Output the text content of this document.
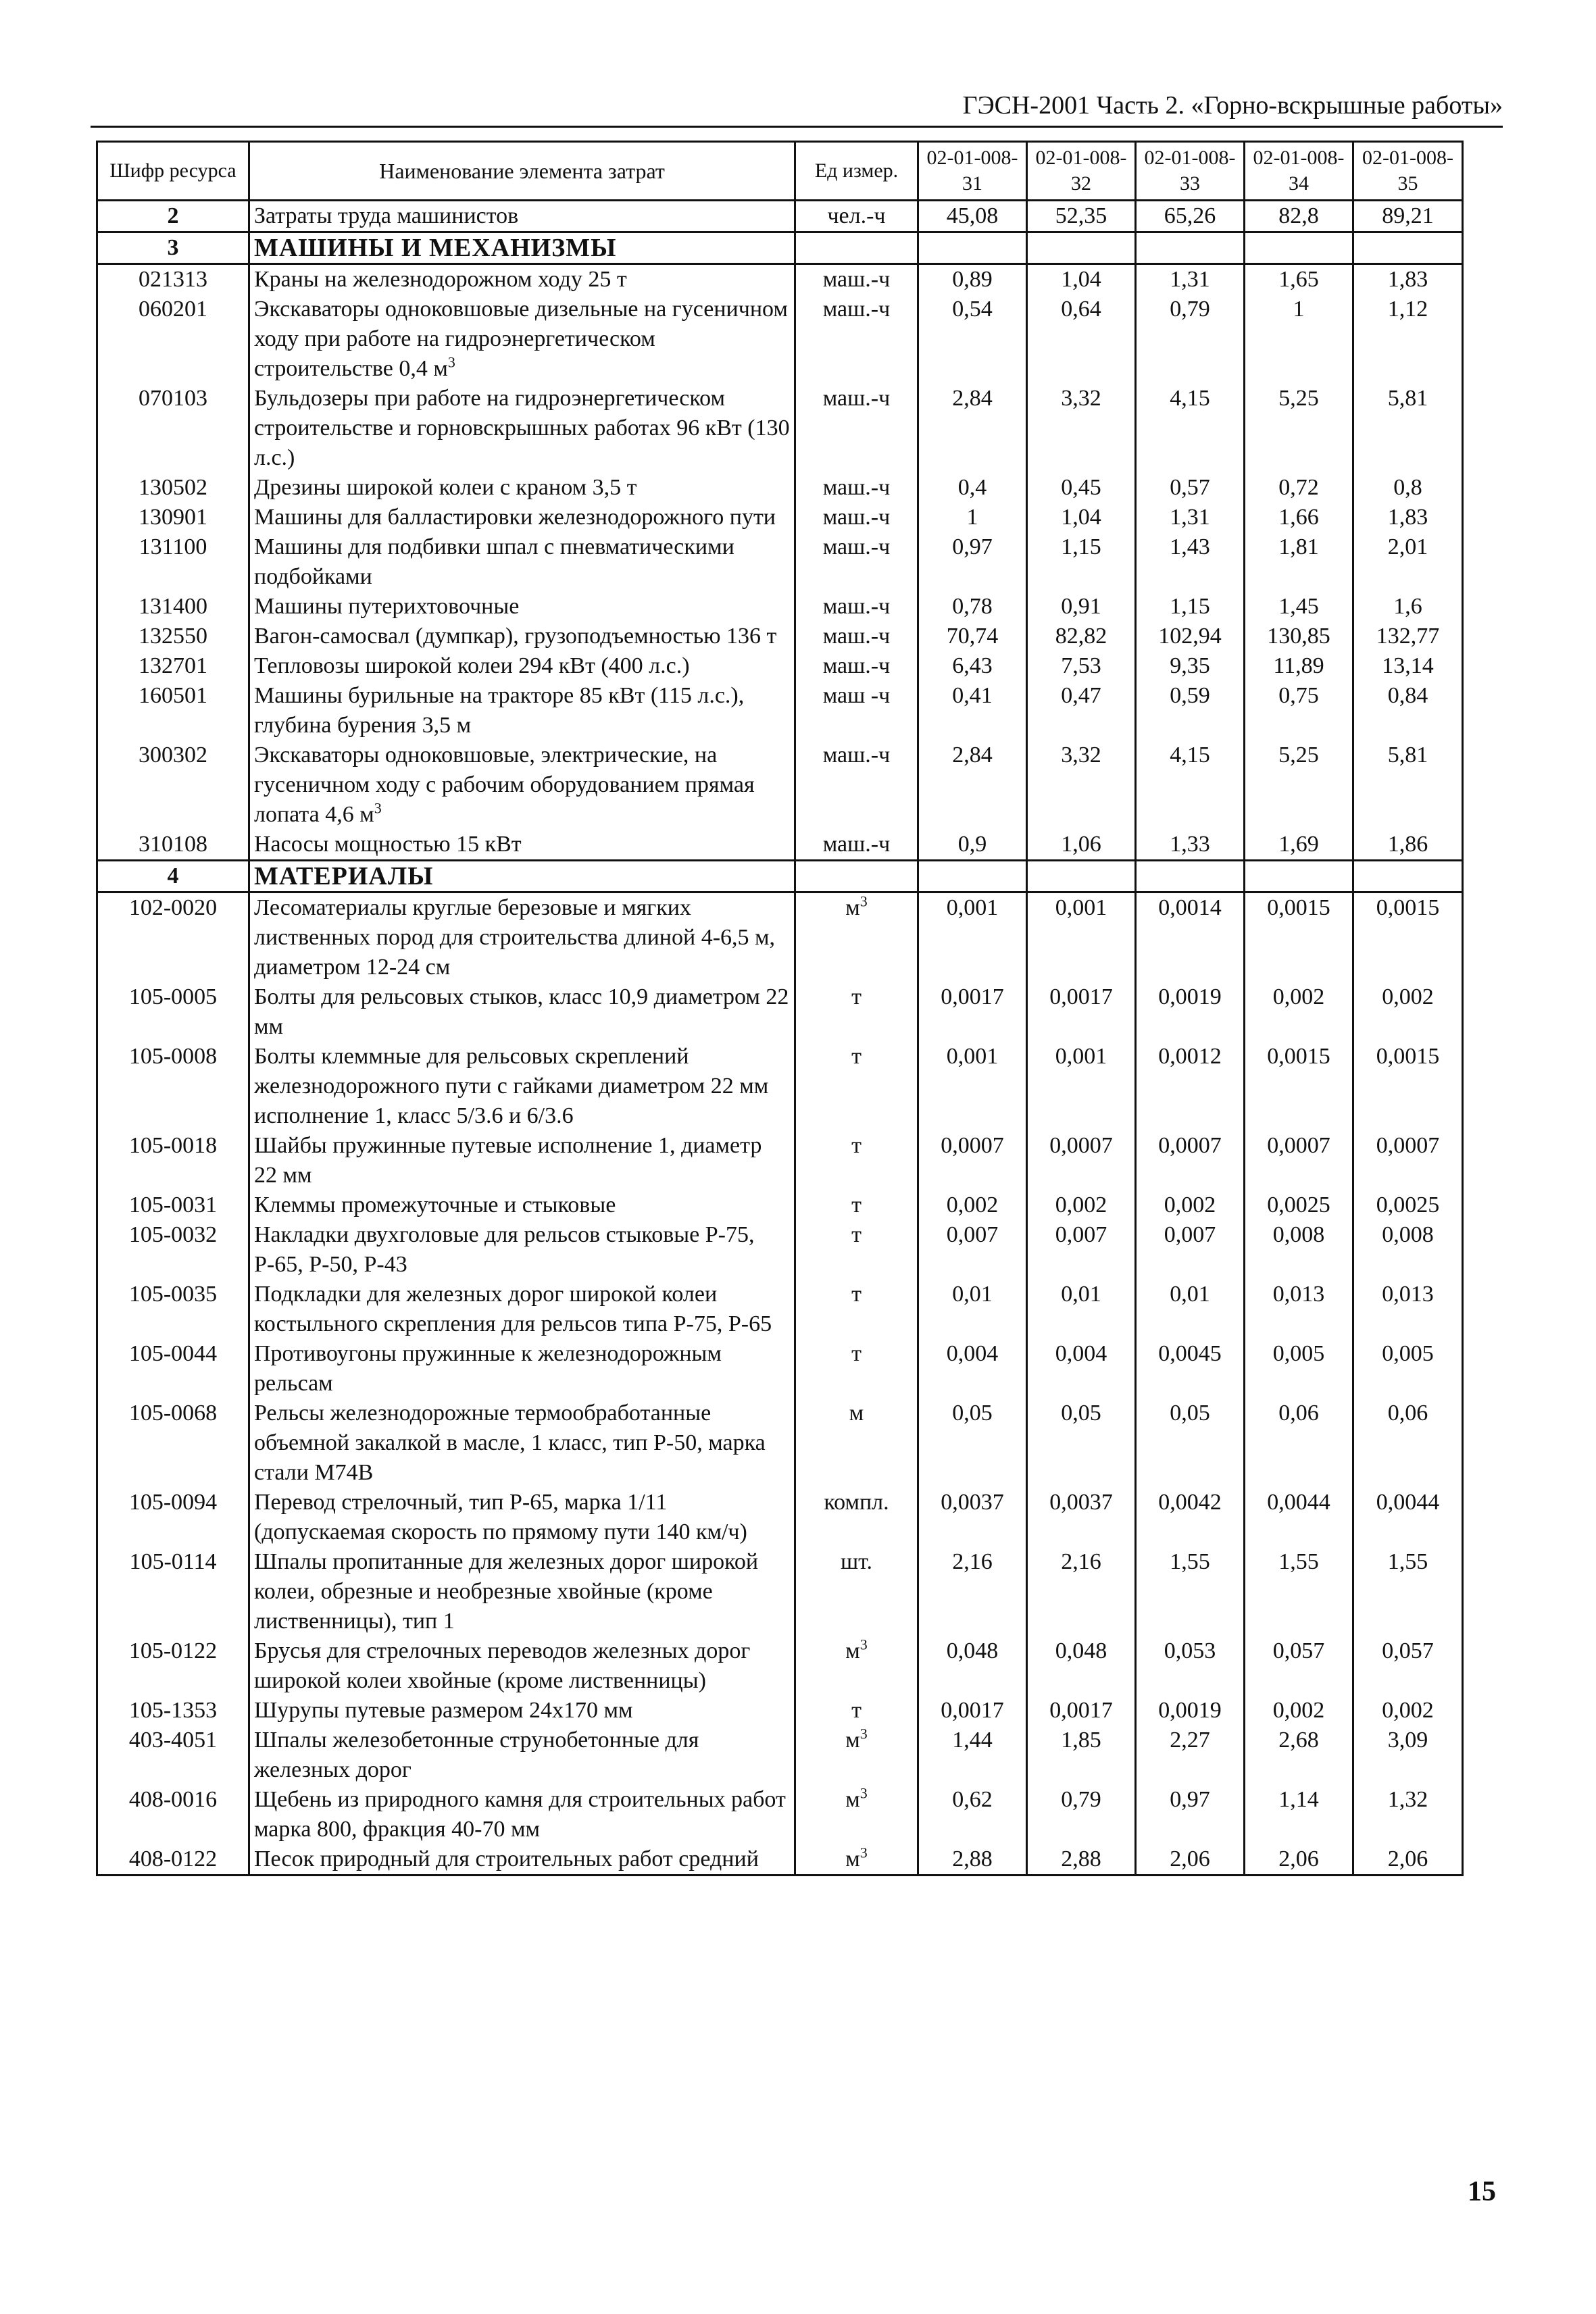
ГЭСН-2001 Часть 2. «Горно-вскрышные работы»
Шифр ресурса	Наименование элемента затрат	Ед измер.	02-01-008-31	02-01-008-32	02-01-008-33	02-01-008-34	02-01-008-35
2	Затраты труда машинистов	чел.-ч	45,08	52,35	65,26	82,8	89,21
3	МАШИНЫ И МЕХАНИЗМЫ						
021313	Краны на железнодорожном ходу 25 т	маш.-ч	0,89	1,04	1,31	1,65	1,83
060201	Экскаваторы одноковшовые дизельные на гусеничном ходу при работе на гидроэнергетическом строительстве 0,4 $м^3$	маш.-ч	0,54	0,64	0,79	1	1,12
070103	Бульдозеры при работе на гидроэнергетическом строительстве и горновскрышных работах 96 кВт (130 л.с.)	маш.-ч	2,84	3,32	4,15	5,25	5,81
130502	Дрезины широкой колеи с краном 3,5 т	маш.-ч	0,4	0,45	0,57	0,72	0,8
130901	Машины для балластировки железнодорожного пути	маш.-ч	1	1,04	1,31	1,66	1,83
131100	Машины для подбивки шпал с пневматическими подбойками	маш.-ч	0,97	1,15	1,43	1,81	2,01
131400	Машины путерихтовочные	маш.-ч	0,78	0,91	1,15	1,45	1,6
132550	Вагон-самосвал (думпкар), грузоподъемностью 136 т	маш.-ч	70,74	82,82	102,94	130,85	132,77
132701	Тепловозы широкой колеи 294 кВт (400 л.с.)	маш.-ч	6,43	7,53	9,35	11,89	13,14
160501	Машины бурильные на тракторе 85 кВт (115 л.с.), глубина бурения 3,5 м	маш -ч	0,41	0,47	0,59	0,75	0,84
300302	Экскаваторы одноковшовые, электрические, на гусеничном ходу с рабочим оборудованием прямая лопата 4,6 $м^3$	маш.-ч	2,84	3,32	4,15	5,25	5,81
310108	Насосы мощностью 15 кВт	маш.-ч	0,9	1,06	1,33	1,69	1,86
4	МАТЕРИАЛЫ						
102-0020	Лесоматериалы круглые березовые и мягких лиственных пород для строительства длиной 4-6,5 м, диаметром 12-24 см	$м^3$	0,001	0,001	0,0014	0,0015	0,0015
105-0005	Болты для рельсовых стыков, класс 10,9 диаметром 22 мм	т	0,0017	0,0017	0,0019	0,002	0,002
105-0008	Болты клеммные для рельсовых скреплений железнодорожного пути с гайками диаметром 22 мм исполнение 1, класс 5/3.6 и 6/3.6	т	0,001	0,001	0,0012	0,0015	0,0015
105-0018	Шайбы пружинные путевые исполнение 1, диаметр 22 мм	т	0,0007	0,0007	0,0007	0,0007	0,0007
105-0031	Клеммы промежуточные и стыковые	т	0,002	0,002	0,002	0,0025	0,0025
105-0032	Накладки двухголовые для рельсов стыковые Р-75, Р-65, Р-50, Р-43	т	0,007	0,007	0,007	0,008	0,008
105-0035	Подкладки для железных дорог широкой колеи костыльного скрепления для рельсов типа Р-75, Р-65	т	0,01	0,01	0,01	0,013	0,013
105-0044	Противоугоны пружинные к железнодорожным рельсам	т	0,004	0,004	0,0045	0,005	0,005
105-0068	Рельсы железнодорожные термообработанные объемной закалкой в масле, 1 класс, тип Р-50, марка стали М74В	м	0,05	0,05	0,05	0,06	0,06
105-0094	Перевод стрелочный, тип Р-65, марка 1/11 (допускаемая скорость по прямому пути 140 км/ч)	компл.	0,0037	0,0037	0,0042	0,0044	0,0044
105-0114	Шпалы пропитанные для железных дорог широкой колеи, обрезные и необрезные хвойные (кроме лиственницы), тип 1	шт.	2,16	2,16	1,55	1,55	1,55
105-0122	Брусья для стрелочных переводов железных дорог широкой колеи хвойные (кроме лиственницы)	$м^3$	0,048	0,048	0,053	0,057	0,057
105-1353	Шурупы путевые размером 24х170 мм	т	0,0017	0,0017	0,0019	0,002	0,002
403-4051	Шпалы железобетонные струнобетонные для железных дорог	$м^3$	1,44	1,85	2,27	2,68	3,09
408-0016	Щебень из природного камня для строительных работ марка 800, фракция 40-70 мм	$м^3$	0,62	0,79	0,97	1,14	1,32
408-0122	Песок природный для строительных работ средний	$м^3$	2,88	2,88	2,06	2,06	2,06
15
